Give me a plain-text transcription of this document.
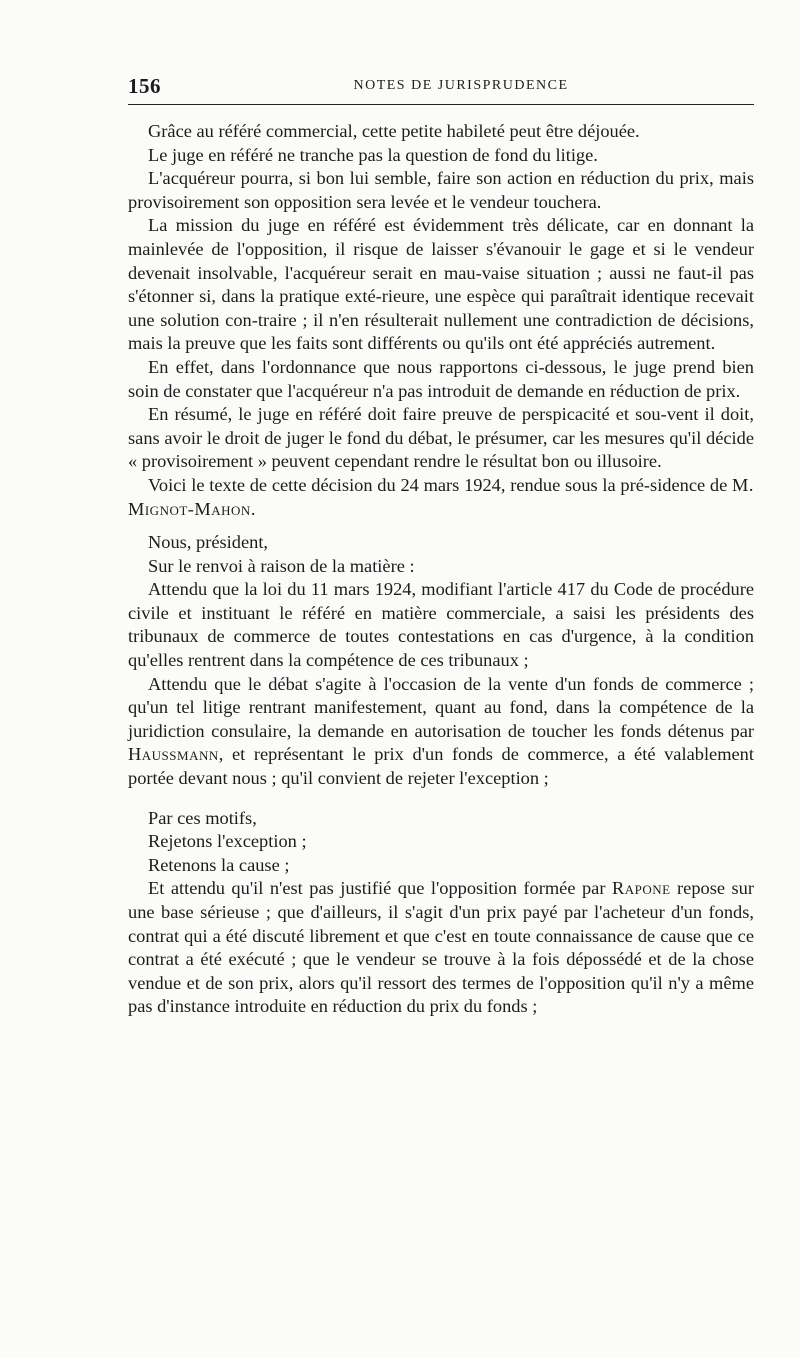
156	NOTES DE JURISPRUDENCE

Grâce au référé commercial, cette petite habileté peut être déjouée.

Le juge en référé ne tranche pas la question de fond du litige.

L'acquéreur pourra, si bon lui semble, faire son action en réduction du prix, mais provisoirement son opposition sera levée et le vendeur touchera.

La mission du juge en référé est évidemment très délicate, car en donnant la mainlevée de l'opposition, il risque de laisser s'évanouir le gage et si le vendeur devenait insolvable, l'acquéreur serait en mau-vaise situation ; aussi ne faut-il pas s'étonner si, dans la pratique exté-rieure, une espèce qui paraîtrait identique recevait une solution con-traire ; il n'en résulterait nullement une contradiction de décisions, mais la preuve que les faits sont différents ou qu'ils ont été appréciés autrement.

En effet, dans l'ordonnance que nous rapportons ci-dessous, le juge prend bien soin de constater que l'acquéreur n'a pas introduit de demande en réduction de prix.

En résumé, le juge en référé doit faire preuve de perspicacité et sou-vent il doit, sans avoir le droit de juger le fond du débat, le présumer, car les mesures qu'il décide « provisoirement » peuvent cependant rendre le résultat bon ou illusoire.

Voici le texte de cette décision du 24 mars 1924, rendue sous la pré-sidence de M. Mignot-Mahon.

Nous, président,

Sur le renvoi à raison de la matière :

Attendu que la loi du 11 mars 1924, modifiant l'article 417 du Code de procédure civile et instituant le référé en matière commerciale, a saisi les présidents des tribunaux de commerce de toutes contestations en cas d'urgence, à la condition qu'elles rentrent dans la compétence de ces tribunaux ;

Attendu que le débat s'agite à l'occasion de la vente d'un fonds de commerce ; qu'un tel litige rentrant manifestement, quant au fond, dans la compétence de la juridiction consulaire, la demande en autorisation de toucher les fonds détenus par Haussmann, et représentant le prix d'un fonds de commerce, a été valablement portée devant nous ; qu'il convient de rejeter l'exception ;

Par ces motifs,

Rejetons l'exception ;

Retenons la cause ;

Et attendu qu'il n'est pas justifié que l'opposition formée par Rapone repose sur une base sérieuse ; que d'ailleurs, il s'agit d'un prix payé par l'acheteur d'un fonds, contrat qui a été discuté librement et que c'est en toute connaissance de cause que ce contrat a été exécuté ; que le vendeur se trouve à la fois dépossédé et de la chose vendue et de son prix, alors qu'il ressort des termes de l'opposition qu'il n'y a même pas d'instance introduite en réduction du prix du fonds ;
